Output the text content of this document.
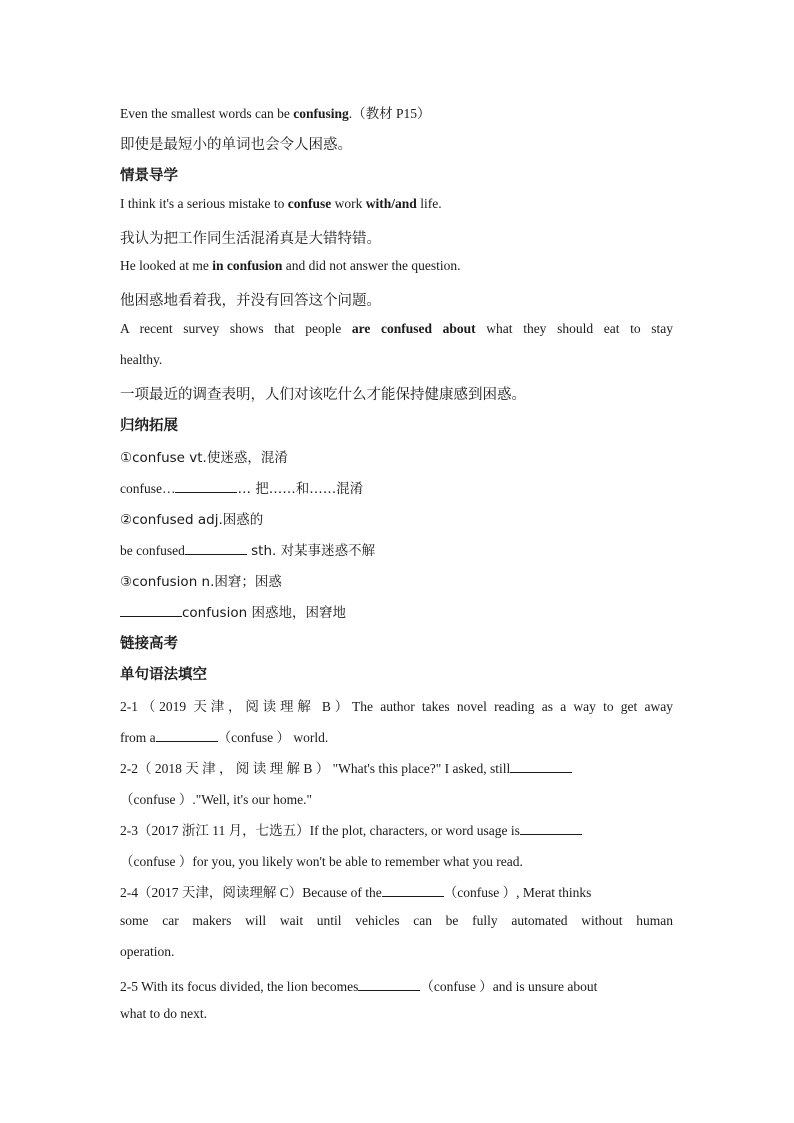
Even the smallest words can be confusing.（教材 P15）
即使是最短小的单词也会令人困惑。
情景导学
I think it's a serious mistake to confuse work with/and life.
我认为把工作同生活混淆真是大错特错。
He looked at me in confusion and did not answer the question.
他困惑地看着我，并没有回答这个问题。
A recent survey shows that people are confused about what they should eat to stay
healthy.
一项最近的调查表明，人们对该吃什么才能保持健康感到困惑。
归纳拓展
①confuse vt.使迷惑，混淆
confuse…	… 把……和……混淆
②confused adj.困惑的
be confused	sth. 对某事迷惑不解
③confusion n.困窘；困惑
confusion 困惑地，困窘地
链接高考
单句语法填空
2-1（2019 天津，阅读理解 B）The author takes novel reading as a way to get away
from a	（confuse ） world.
2-2（ 2018 天 津 ， 阅 读 理 解 B ） "What's this place?" I asked, still
（confuse ）."Well, it's our home."
2-3（2017 浙江 11 月，七选五）If the plot, characters, or word usage is
（confuse ）for you, you likely won't be able to remember what you read.
2-4（2017 天津，阅读理解 C）Because of the	（confuse ）, Merat thinks
some car makers will wait until vehicles can be fully automated without human
operation.
2-5 With its focus divided, the lion becomes	（confuse ）and is unsure about
what to do next.
